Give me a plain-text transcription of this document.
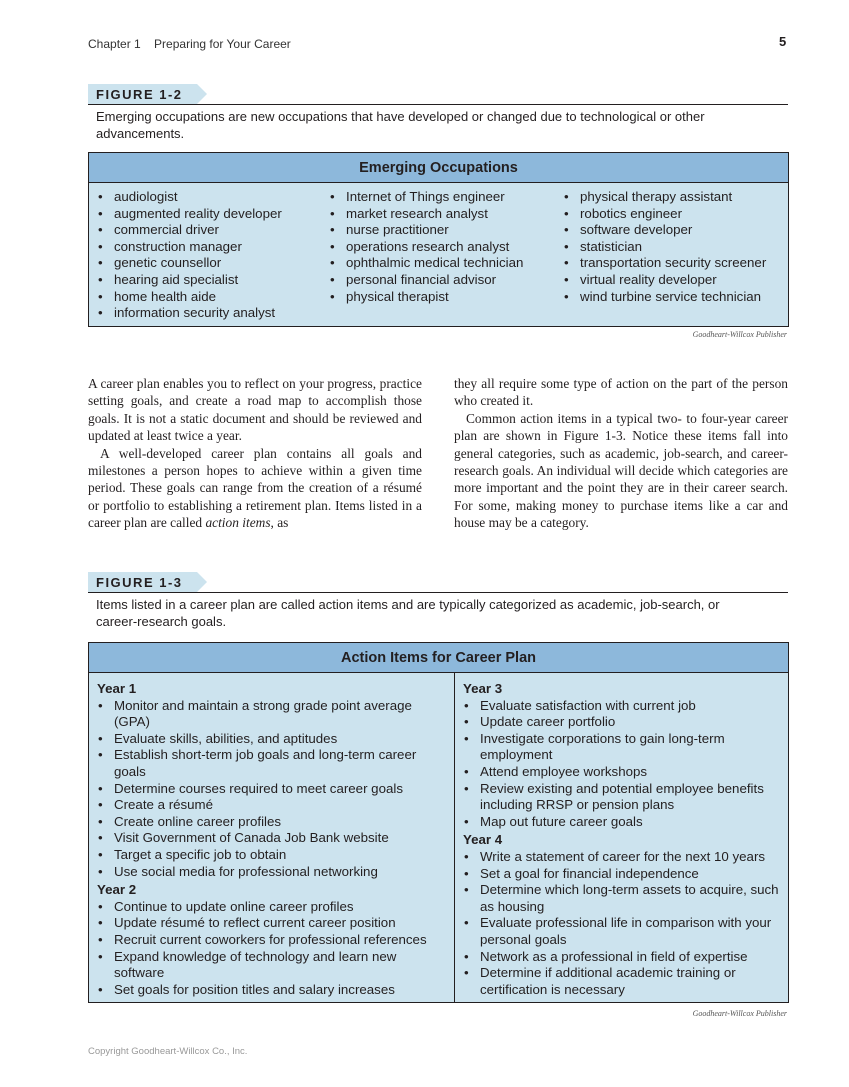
Chapter 1 Preparing for Your Career	5
FIGURE 1-2
Emerging occupations are new occupations that have developed or changed due to technological or other advancements.
Emerging Occupations
• audiologist
• augmented reality developer
• commercial driver
• construction manager
• genetic counsellor
• hearing aid specialist
• home health aide
• information security analyst
• Internet of Things engineer
• market research analyst
• nurse practitioner
• operations research analyst
• ophthalmic medical technician
• personal financial advisor
• physical therapist
• physical therapy assistant
• robotics engineer
• software developer
• statistician
• transportation security screener
• virtual reality developer
• wind turbine service technician
Goodheart-Willcox Publisher

A career plan enables you to reflect on your progress, practice setting goals, and create a road map to accomplish those goals. It is not a static document and should be reviewed and updated at least twice a year.

A well-developed career plan contains all goals and milestones a person hopes to achieve within a given time period. These goals can range from the creation of a résumé or portfolio to establishing a retirement plan. Items listed in a career plan are called action items, as

they all require some type of action on the part of the person who created it.

Common action items in a typical two- to four-year career plan are shown in Figure 1-3. Notice these items fall into general categories, such as academic, job-search, and career-research goals. An individual will decide which categories are more important and the point they are in their career search. For some, making money to purchase items like a car and house may be a category.

FIGURE 1-3
Items listed in a career plan are called action items and are typically categorized as academic, job-search, or career-research goals.
Action Items for Career Plan
Year 1
• Monitor and maintain a strong grade point average (GPA)
• Evaluate skills, abilities, and aptitudes
• Establish short-term job goals and long-term career goals
• Determine courses required to meet career goals
• Create a résumé
• Create online career profiles
• Visit Government of Canada Job Bank website
• Target a specific job to obtain
• Use social media for professional networking
Year 2
• Continue to update online career profiles
• Update résumé to reflect current career position
• Recruit current coworkers for professional references
• Expand knowledge of technology and learn new software
• Set goals for position titles and salary increases
Year 3
• Evaluate satisfaction with current job
• Update career portfolio
• Investigate corporations to gain long-term employment
• Attend employee workshops
• Review existing and potential employee benefits including RRSP or pension plans
• Map out future career goals
Year 4
• Write a statement of career for the next 10 years
• Set a goal for financial independence
• Determine which long-term assets to acquire, such as housing
• Evaluate professional life in comparison with your personal goals
• Network as a professional in field of expertise
• Determine if additional academic training or certification is necessary
Goodheart-Willcox Publisher
Copyright Goodheart-Willcox Co., Inc.
